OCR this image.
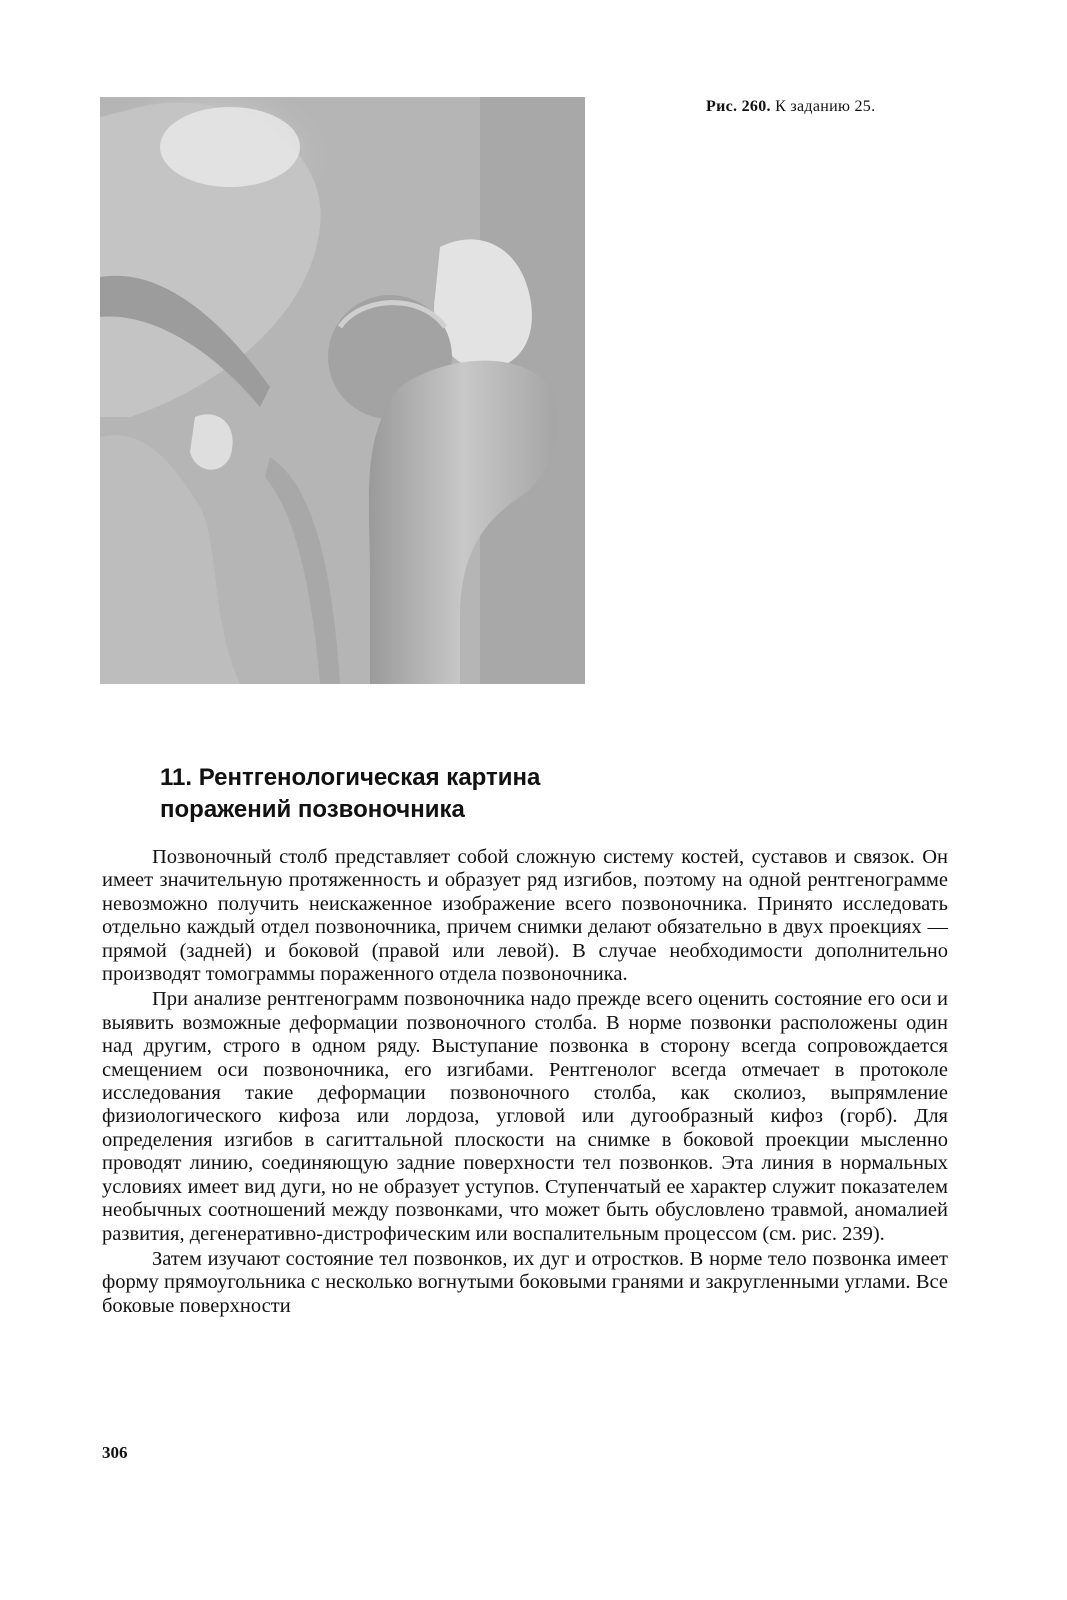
Рис. 260. К заданию 25.
11. Рентгенологическая картина
поражений позвоночника

Позвоночный столб представляет собой сложную систему костей, суставов и связок. Он имеет значительную протяженность и образует ряд изгибов, поэтому на одной рентгенограмме невозможно получить неискаженное изображение всего позвоночника. Принято исследовать отдельно каждый отдел позвоночника, причем снимки делают обязательно в двух проекциях — прямой (задней) и боковой (правой или левой). В случае необходимости дополнительно производят томограммы пораженного отдела позвоночника.

При анализе рентгенограмм позвоночника надо прежде всего оценить состояние его оси и выявить возможные деформации позвоночного столба. В норме позвонки расположены один над другим, строго в одном ряду. Выступание позвонка в сторону всегда сопровождается смещением оси позвоночника, его изгибами. Рентгенолог всегда отмечает в протоколе исследования такие деформации позвоночного столба, как сколиоз, выпрямление физиологического кифоза или лордоза, угловой или дугообразный кифоз (горб). Для определения изгибов в сагиттальной плоскости на снимке в боковой проекции мысленно проводят линию, соединяющую задние поверхности тел позвонков. Эта линия в нормальных условиях имеет вид дуги, но не образует уступов. Ступенчатый ее характер служит показателем необычных соотношений между позвонками, что может быть обусловлено травмой, аномалией развития, дегенеративно-дистрофическим или воспалительным процессом (см. рис. 239).

Затем изучают состояние тел позвонков, их дуг и отростков. В норме тело позвонка имеет форму прямоугольника с несколько вогнутыми боковыми гранями и закругленными углами. Все боковые поверхности

306
